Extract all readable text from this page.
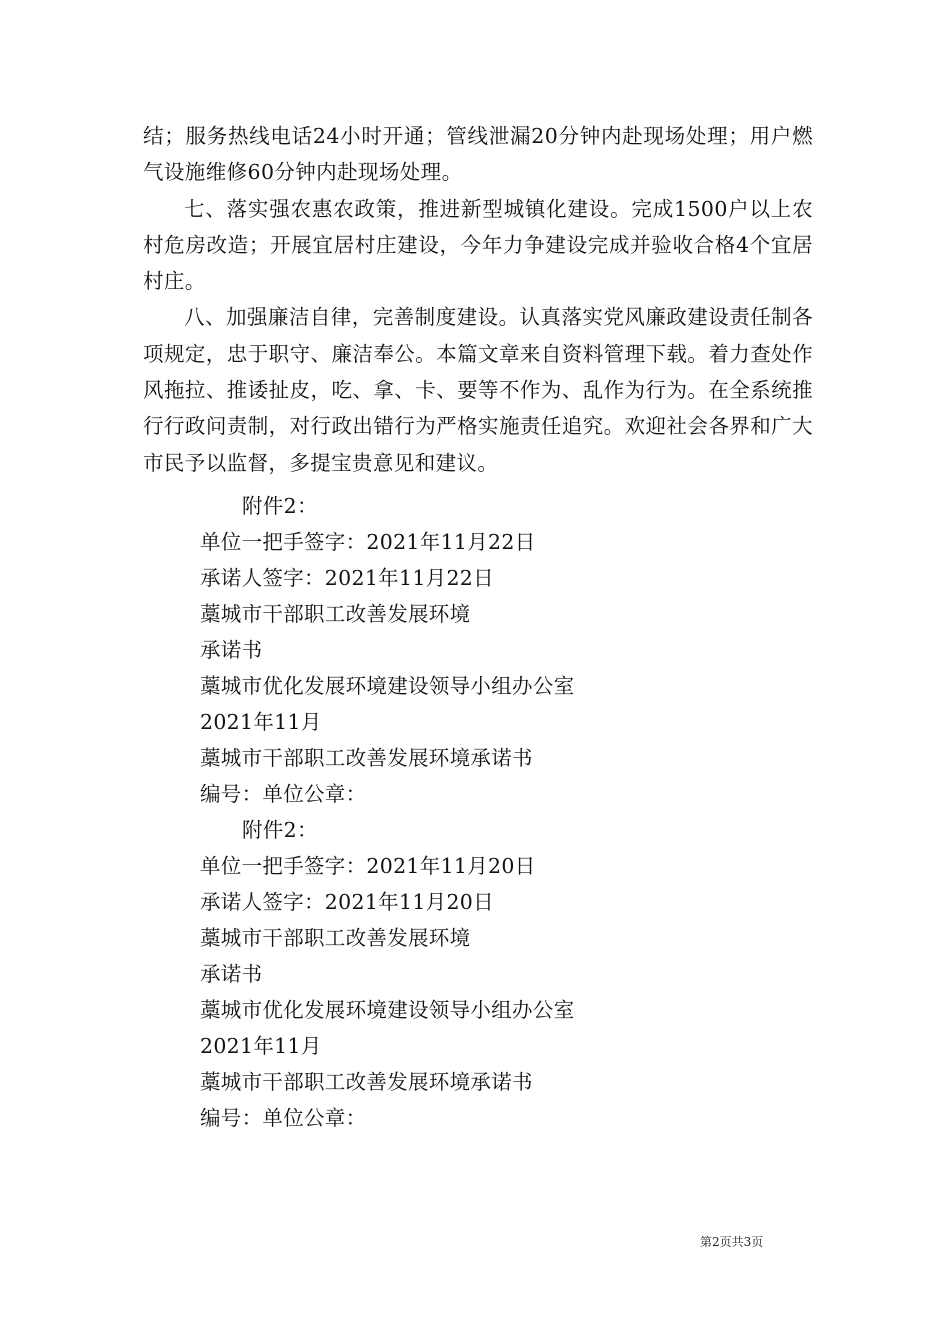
结；服务热线电话24小时开通；管线泄漏20分钟内赴现场处理；用户燃气设施维修60分钟内赴现场处理。

七、落实强农惠农政策，推进新型城镇化建设。完成1500户以上农村危房改造；开展宜居村庄建设，今年力争建设完成并验收合格4个宜居村庄。

八、加强廉洁自律，完善制度建设。认真落实党风廉政建设责任制各项规定，忠于职守、廉洁奉公。本篇文章来自资料管理下载。着力查处作风拖拉、推诿扯皮，吃、拿、卡、要等不作为、乱作为行为。在全系统推行行政问责制，对行政出错行为严格实施责任追究。欢迎社会各界和广大市民予以监督，多提宝贵意见和建议。

附件2：
单位一把手签字：2021年11月22日
承诺人签字：2021年11月22日
藁城市干部职工改善发展环境
承诺书
藁城市优化发展环境建设领导小组办公室
2021年11月
藁城市干部职工改善发展环境承诺书
编号：单位公章：
附件2：
单位一把手签字：2021年11月20日
承诺人签字：2021年11月20日
藁城市干部职工改善发展环境
承诺书
藁城市优化发展环境建设领导小组办公室
2021年11月
藁城市干部职工改善发展环境承诺书
编号：单位公章：
第2页共3页
